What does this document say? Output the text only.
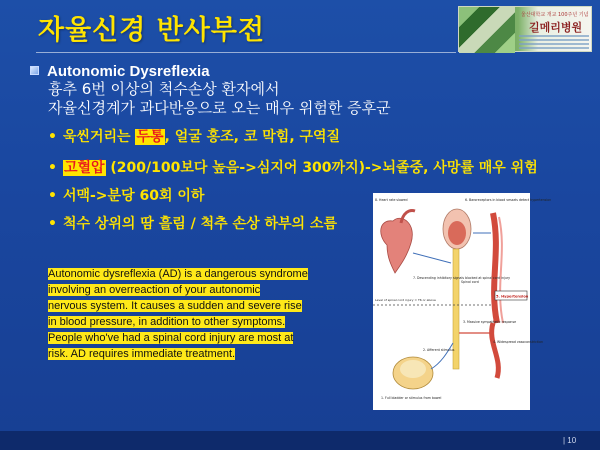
자율신경 반사부전	울산대학교 개교 100주년 기념
길메리병원
Autonomic Dysreflexia
흉추 6번 이상의 척수손상 환자에서
자율신경계가 과다반응으로 오는 매우 위험한 증후군
• 욱씬거리는 두통, 얼굴 홍조, 코 막힘, 구역질
• 고혈압 (200/100보다 높음->심지어 300까지)->뇌졸중, 사망률 매우 위험
• 서맥->분당 60회 이하
• 척수 상위의 땀 흘림 / 척추 손상 하부의 소름
8. Heart rate slowed	6. Baroreceptors in blood vessels detect hypertension
Level of spinal cord injury = T6 or above
Spinal cord
5. Hypertension
3. Massive sympathetic response
4. Widespread vasoconstriction
2. Afferent stimulus
1. Full bladder or stimulus from bowel
7. Descending inhibitory signals blocked at spinal cord injury
Autonomic dysreflexia (AD) is a dangerous syndrome
involving an overreaction of your autonomic
nervous system. It causes a sudden and severe rise
in blood pressure, in addition to other symptoms.
People who've had a spinal cord injury are most at
risk. AD requires immediate treatment.
| 10
